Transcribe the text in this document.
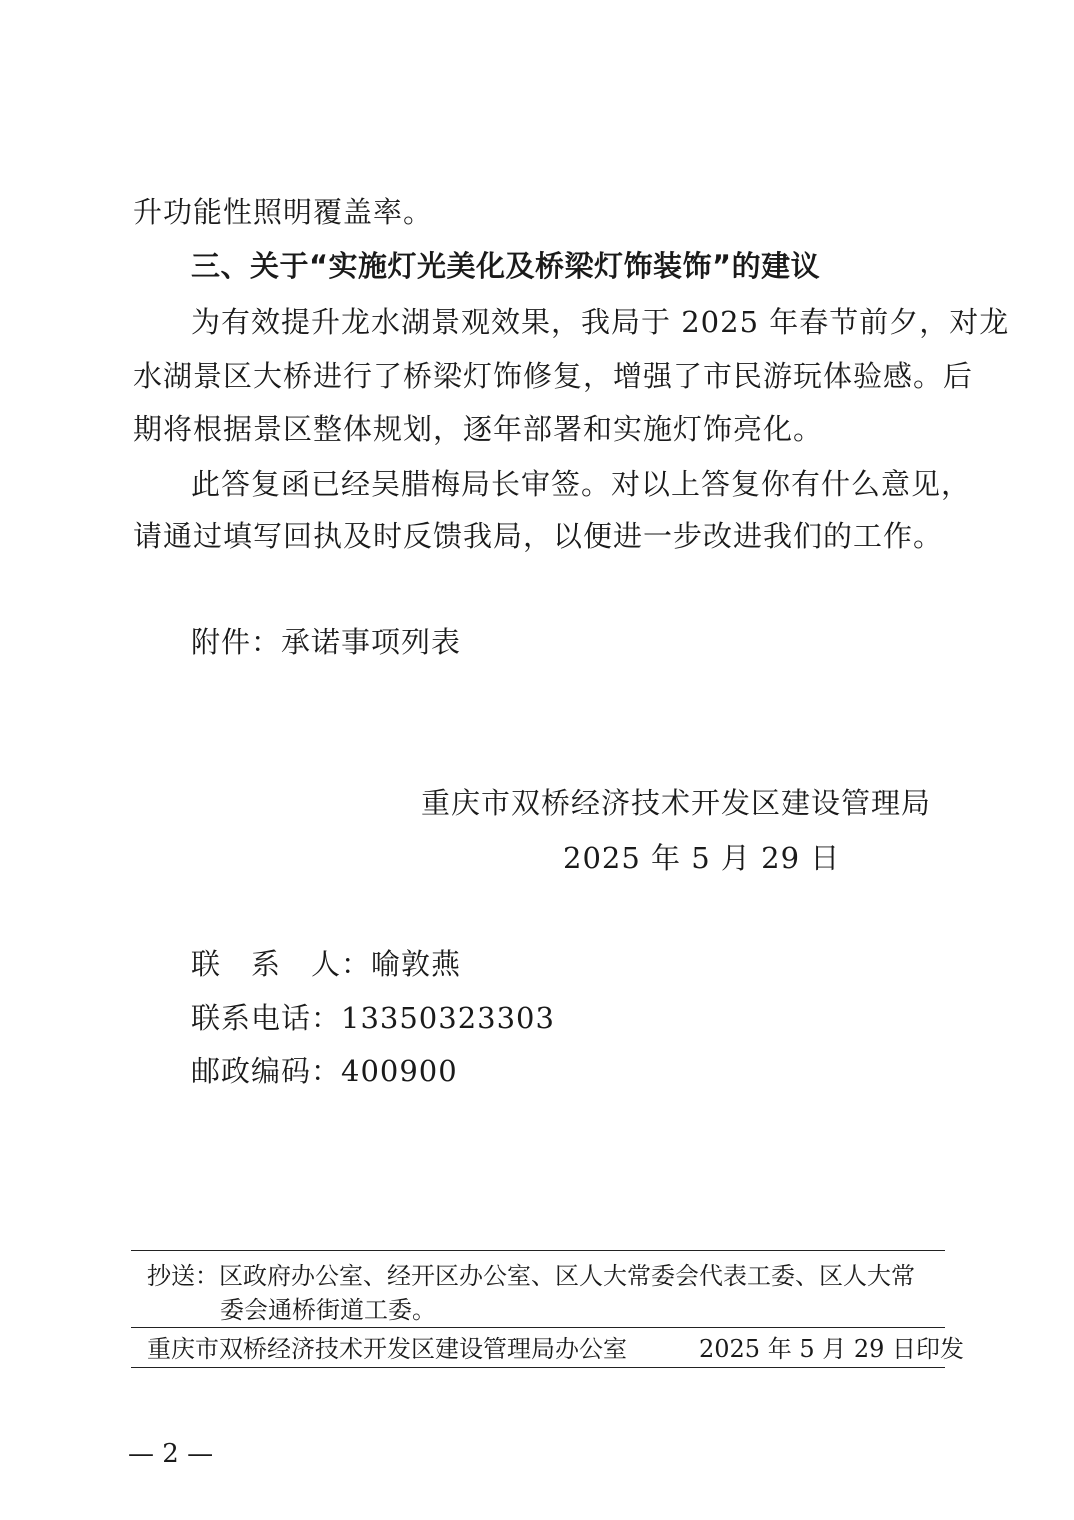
升功能性照明覆盖率。
三、关于“实施灯光美化及桥梁灯饰装饰”的建议
为有效提升龙水湖景观效果，我局于 2025 年春节前夕，对龙
水湖景区大桥进行了桥梁灯饰修复，增强了市民游玩体验感。后
期将根据景区整体规划，逐年部署和实施灯饰亮化。
此答复函已经吴腊梅局长审签。对以上答复你有什么意见，
请通过填写回执及时反馈我局，以便进一步改进我们的工作。
附件：承诺事项列表
重庆市双桥经济技术开发区建设管理局
2025 年 5 月 29 日
联　系　人：喻敦燕
联系电话：13350323303
邮政编码：400900
抄送：区政府办公室、经开区办公室、区人大常委会代表工委、区人大常
委会通桥街道工委。
重庆市双桥经济技术开发区建设管理局办公室	2025 年 5 月 29 日印发
— 2 —
